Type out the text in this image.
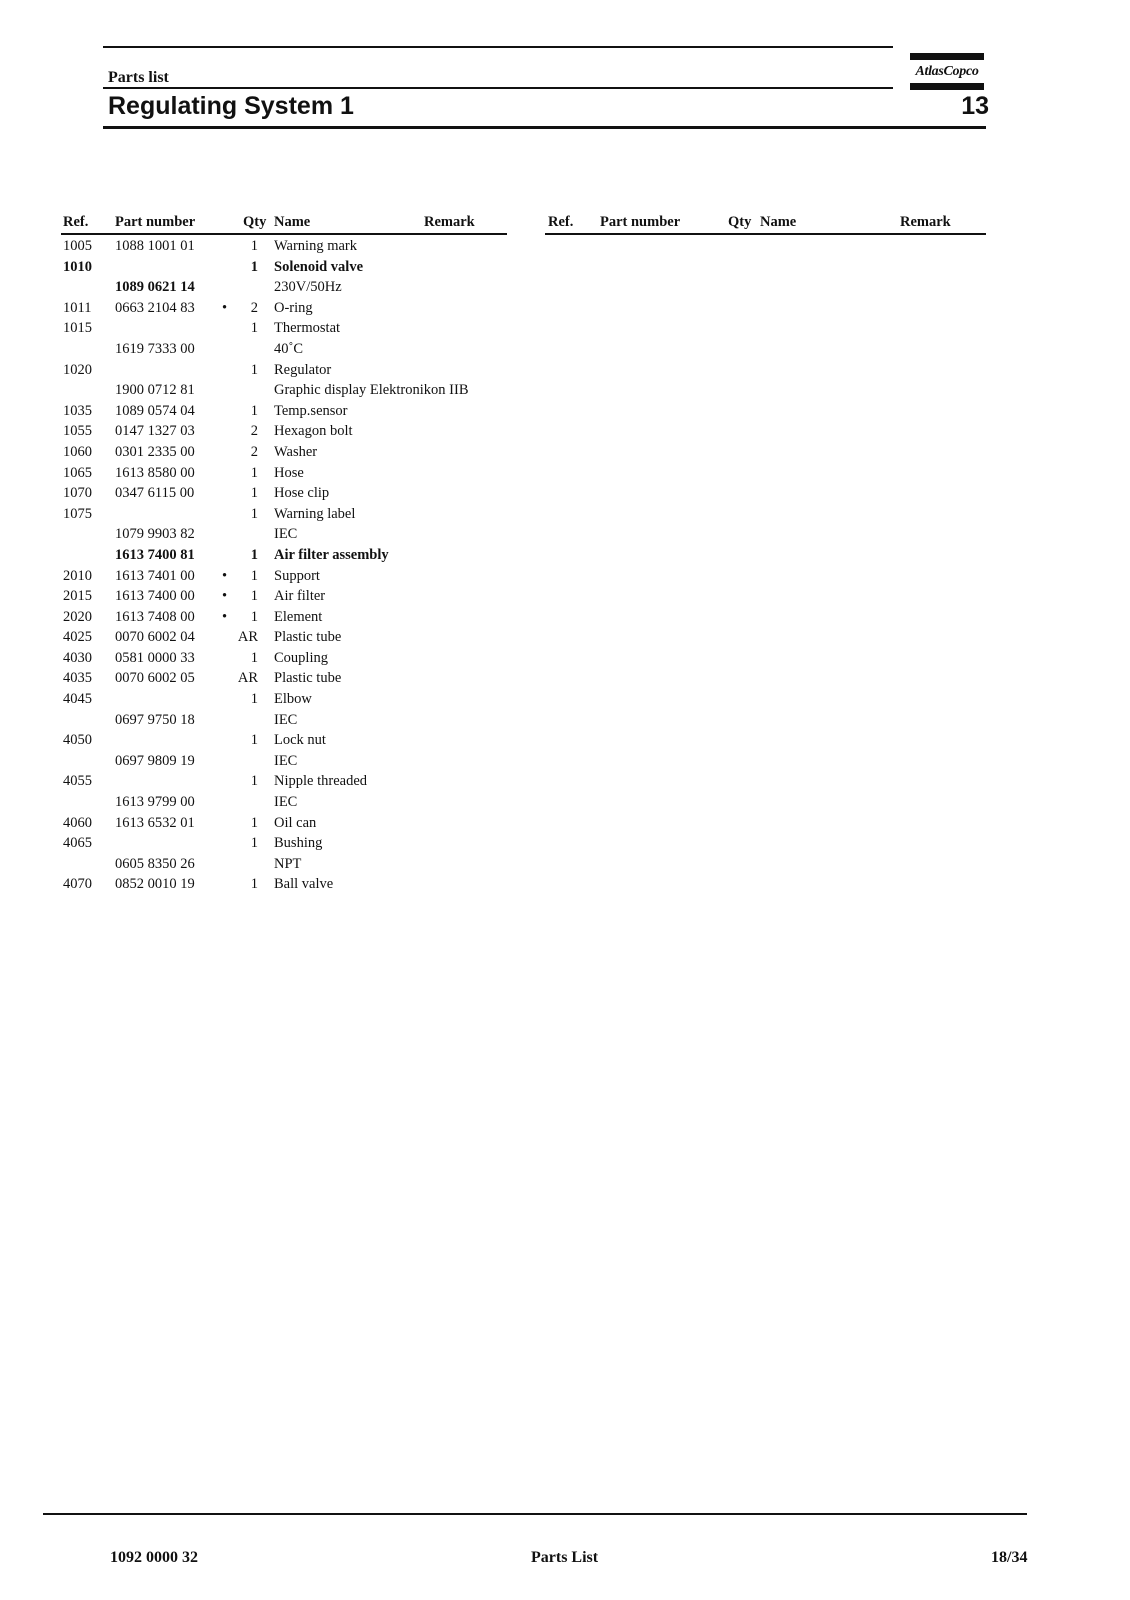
Parts list
Regulating System 1	13
AtlasCopco
Ref. Part number	Qty Name	Remark	Ref. Part number	Qty Name	Remark
1005 1088 1001 01	1 Warning mark
1010	1 Solenoid valve
1089 0621 14	230V/50Hz
1011 0663 2104 83 • 2 O-ring
1015	1 Thermostat
1619 7333 00	40˚C
1020	1 Regulator
1900 0712 81	Graphic display Elektronikon IIB
1035 1089 0574 04	1 Temp.sensor
1055 0147 1327 03	2 Hexagon bolt
1060 0301 2335 00	2 Washer
1065 1613 8580 00	1 Hose
1070 0347 6115 00	1 Hose clip
1075	1 Warning label
1079 9903 82	IEC
1613 7400 81	1 Air filter assembly
2010 1613 7401 00 • 1 Support
2015 1613 7400 00 • 1 Air filter
2020 1613 7408 00 • 1 Element
4025 0070 6002 04	AR Plastic tube
4030 0581 0000 33	1 Coupling
4035 0070 6002 05	AR Plastic tube
4045	1 Elbow
0697 9750 18	IEC
4050	1 Lock nut
0697 9809 19	IEC
4055	1 Nipple threaded
1613 9799 00	IEC
4060 1613 6532 01	1 Oil can
4065	1 Bushing
0605 8350 26	NPT
4070 0852 0010 19	1 Ball valve
1092 0000 32	Parts List	18/34
